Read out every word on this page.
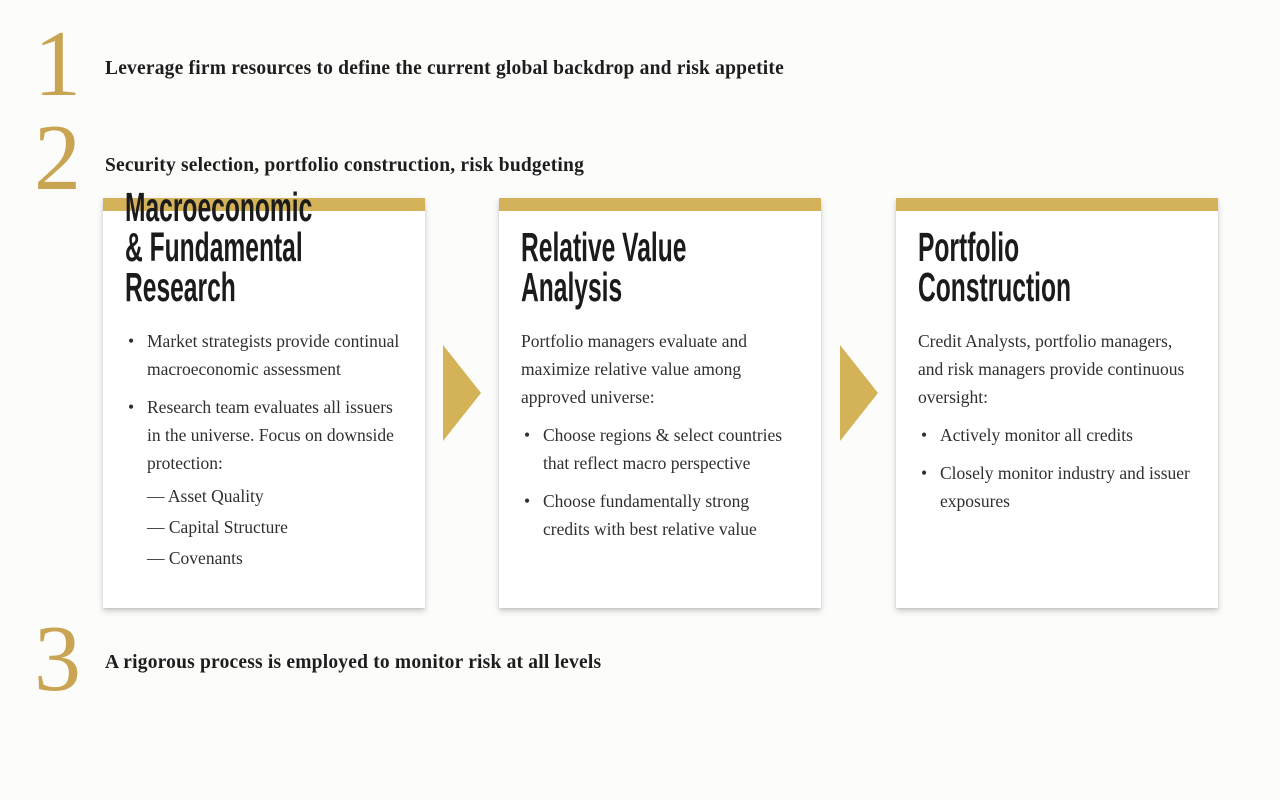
1 Leverage firm resources to define the current global backdrop and risk appetite
2 Security selection, portfolio construction, risk budgeting
Macroeconomic & Fundamental Research
• Market strategists provide continual macroeconomic assessment
• Research team evaluates all issuers in the universe. Focus on downside protection:
— Asset Quality
— Capital Structure
— Covenants
Relative Value Analysis

Portfolio managers evaluate and maximize relative value among approved universe:

• Choose regions & select countries that reflect macro perspective
• Choose fundamentally strong credits with best relative value
Portfolio Construction

Credit Analysts, portfolio managers, and risk managers provide continuous oversight:

• Actively monitor all credits
• Closely monitor industry and issuer exposures
3 A rigorous process is employed to monitor risk at all levels
